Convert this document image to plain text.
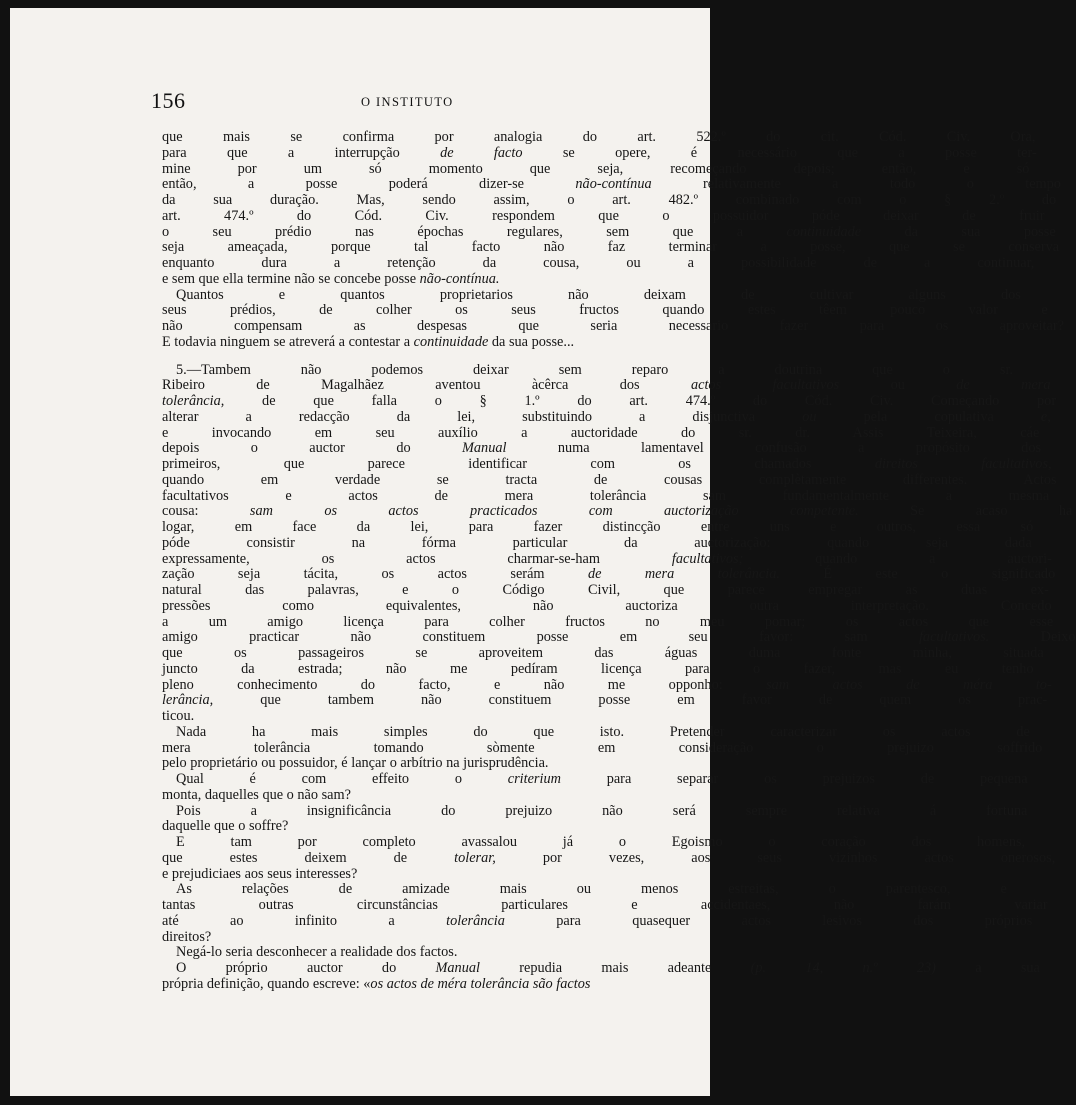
156	O INSTITUTO
que mais se confirma por analogia do art. 522.º do cit. Cód. Civ. Ora,
para que a interrupção de facto se opere, é necessário que a posse ter-
mine por um só momento que seja, recomeçando depois; então, e só
então, a posse poderá dizer-se não-contínua relativamente a todo o tempo
da sua duração. Mas, sendo assim, o art. 482.º combinado com o § 2.º do
art. 474.º do Cód. Civ. respondem que o possuidor póde deixar de fruir
o seu prédio nas épochas regulares, sem que a continuidade da sua posse
seja ameaçada, porque tal facto não faz terminar a posse, que se conserva
enquanto dura a retenção da cousa, ou a possibilidade de a continuar,
e sem que ella termine não se concebe posse não-contínua.
Quantos e quantos proprietarios não deixam de cultivar alguns dos
seus prédios, de colher os seus fructos quando estes têem pouco valor e
não compensam as despesas que seria necessario fazer para os aproveitar?
E todavia ninguem se atreverá a contestar a continuidade da sua posse...
5.—Tambem não podemos deixar sem reparo a doutrina que o sr.
Ribeiro de Magalhãez aventou àcêrca dos actos facultativos ou de mera
tolerância, de que falla o § 1.º do art. 474.º do Cód. Civ. Começando por
alterar a redacção da lei, substituindo a disjunctiva ou pela copulativa e,
e invocando em seu auxílio a auctoridade do sr. dr. Assis Teixeira, cáe
depois o auctor do Manual numa lamentavel confusão a propósito dos
primeiros, que parece identificar com os chamados direitos facultativos,
quando em verdade se tracta de cousas complètamente differentes. Actos
facultativos e actos de mera tolerância sam fundamentalmente a mesma
cousa: sam os actos practicados com auctorização competente. Se acaso ha
logar, em face da lei, para fazer distincção entre uns e outros, essa só
póde consistir na fórma particular da auctorização: quando seja dada
expressamente, os actos charmar-se-ham facultativos; quando a auctori-
zação seja tácita, os actos serám de mera tolerância. É este o significado
natural das palavras, e o Código Civil, que parece empregar as duas ex-
pressões como equivalentes, não auctoriza outra interpretação. Concedo
a um amigo licença para colher fructos no meu pomar; os actos que esse
amigo practicar não constituem posse em seu favor: sam facultativos. Deixo
que os passageiros se aproveitem das águas duma fonte minha, situada
juncto da estrada; não me pedíram licença para o fazer, mas eu tenho
pleno conhecimento do facto, e não me opponho: sam actos de méra to-
lerância, que tambem não constituem posse em favor de quem os prac-
ticou.
Nada ha mais simples do que isto. Pretender caracterizar os actos de
mera tolerância tomando sòmente em consideração o prejuizo soffrido
pelo proprietário ou possuidor, é lançar o arbítrio na jurisprudência.
Qual é com effeito o criterium para separar os prejuizos de pequena
monta, daquelles que o não sam?
Pois a insignificância do prejuizo não será sempre relativa á fortuna
daquelle que o soffre?
E tam por completo avassalou já o Egoismo o coração dos homens,
que estes deixem de tolerar, por vezes, aos seus vizinhos actos onerosos,
e prejudiciaes aos seus interesses?
As relações de amizade mais ou menos estreitas, o parentesco, e
tantas outras circunstâncias particulares e accidentaes, não farám variar
até ao infinito a tolerância para quasequer actos lesivos dos próprios
direitos?
Negá-lo seria desconhecer a realidade dos factos.
O próprio auctor do Manual repudia mais adeante (p. 14, n.º 23) a sua
própria definição, quando escreve: «os actos de méra tolerância são factos
